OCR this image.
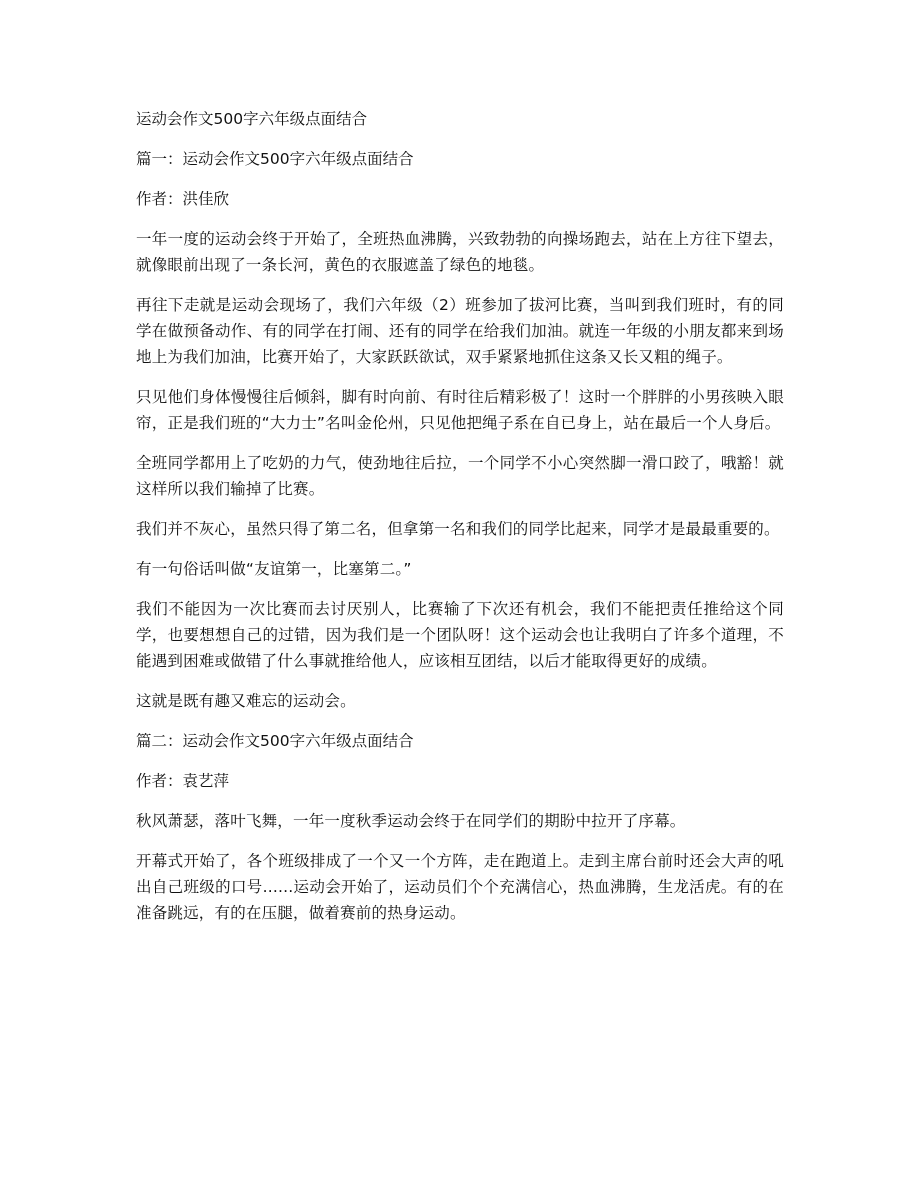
运动会作文500字六年级点面结合

篇一：运动会作文500字六年级点面结合

作者：洪佳欣

一年一度的运动会终于开始了，全班热血沸腾，兴致勃勃的向操场跑去，站在上方往下望去，就像眼前出现了一条长河，黄色的衣服遮盖了绿色的地毯。

再往下走就是运动会现场了，我们六年级（2）班参加了拔河比赛，当叫到我们班时，有的同学在做预备动作、有的同学在打闹、还有的同学在给我们加油。就连一年级的小朋友都来到场地上为我们加油，比赛开始了，大家跃跃欲试，双手紧紧地抓住这条又长又粗的绳子。

只见他们身体慢慢往后倾斜，脚有时向前、有时往后精彩极了！这时一个胖胖的小男孩映入眼帘，正是我们班的“大力士”名叫金伦州，只见他把绳子系在自已身上，站在最后一个人身后。

全班同学都用上了吃奶的力气，使劲地往后拉，一个同学不小心突然脚一滑口跤了，哦豁！就这样所以我们输掉了比赛。

我们并不灰心，虽然只得了第二名，但拿第一名和我们的同学比起来，同学才是最最重要的。

有一句俗话叫做“友谊第一，比塞第二。”

我们不能因为一次比赛而去讨厌别人，比赛输了下次还有机会，我们不能把责任推给这个同学，也要想想自己的过错，因为我们是一个团队呀！这个运动会也让我明白了许多个道理，不能遇到困难或做错了什么事就推给他人，应该相互团结，以后才能取得更好的成绩。

这就是既有趣又难忘的运动会。

篇二：运动会作文500字六年级点面结合

作者：袁艺萍

秋风萧瑟，落叶飞舞，一年一度秋季运动会终于在同学们的期盼中拉开了序幕。

开幕式开始了，各个班级排成了一个又一个方阵，走在跑道上。走到主席台前时还会大声的吼出自己班级的口号......运动会开始了，运动员们个个充满信心，热血沸腾，生龙活虎。有的在准备跳远，有的在压腿，做着赛前的热身运动。
